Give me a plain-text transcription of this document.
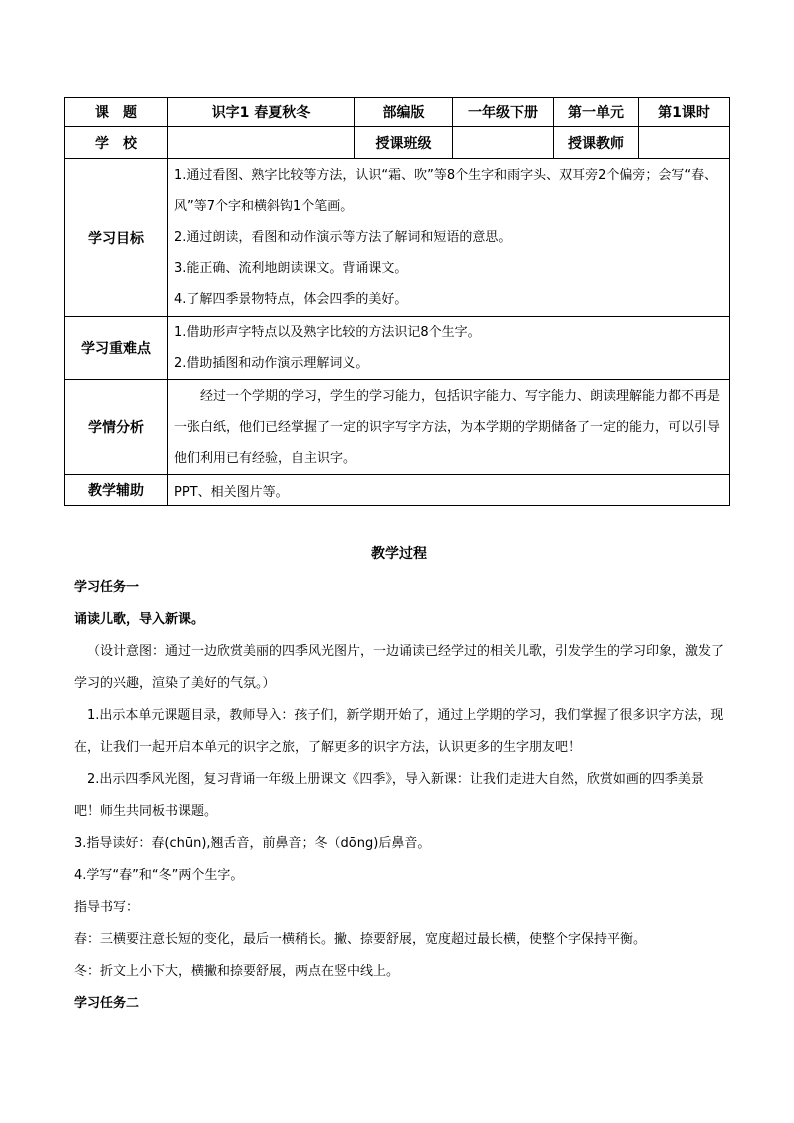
课　题	识字1 春夏秋冬	部编版	一年级下册	第一单元	第1课时
学　校		授课班级		授课教师	
学习目标	1.通过看图、熟字比较等方法，认识“霜、吹”等8个生字和雨字头、双耳旁2个偏旁；会写“春、风”等7个字和横斜钩1个笔画。
2.通过朗读，看图和动作演示等方法了解词和短语的意思。
3.能正确、流利地朗读课文。背诵课文。
4.了解四季景物特点，体会四季的美好。				

学习重难点	1.借助形声字特点以及熟字比较的方法识记8个生字。
2.借助插图和动作演示理解词义。				

学情分析	经过一个学期的学习，学生的学习能力，包括识字能力、写字能力、朗读理解能力都不再是一张白纸，他们已经掌握了一定的识字写字方法，为本学期的学期储备了一定的能力，可以引导他们利用已有经验，自主识字。				
教学辅助	PPT、相关图片等。				
教学过程

学习任务一

诵读儿歌，导入新课。

（设计意图：通过一边欣赏美丽的四季风光图片，一边诵读已经学过的相关儿歌，引发学生的学习印象，激发了学习的兴趣，渲染了美好的气氛。）

1.出示本单元课题目录，教师导入：孩子们，新学期开始了，通过上学期的学习，我们掌握了很多识字方法，现在，让我们一起开启本单元的识字之旅，了解更多的识字方法，认识更多的生字朋友吧！

2.出示四季风光图，复习背诵一年级上册课文《四季》，导入新课：让我们走进大自然，欣赏如画的四季美景吧！师生共同板书课题。

3.指导读好：春(chūn),翘舌音，前鼻音；冬（dōng)后鼻音。

4.学写“春”和“冬”两个生字。

指导书写：

春：三横要注意长短的变化，最后一横稍长。撇、捺要舒展，宽度超过最长横，使整个字保持平衡。

冬：折文上小下大，横撇和捺要舒展，两点在竖中线上。

学习任务二
